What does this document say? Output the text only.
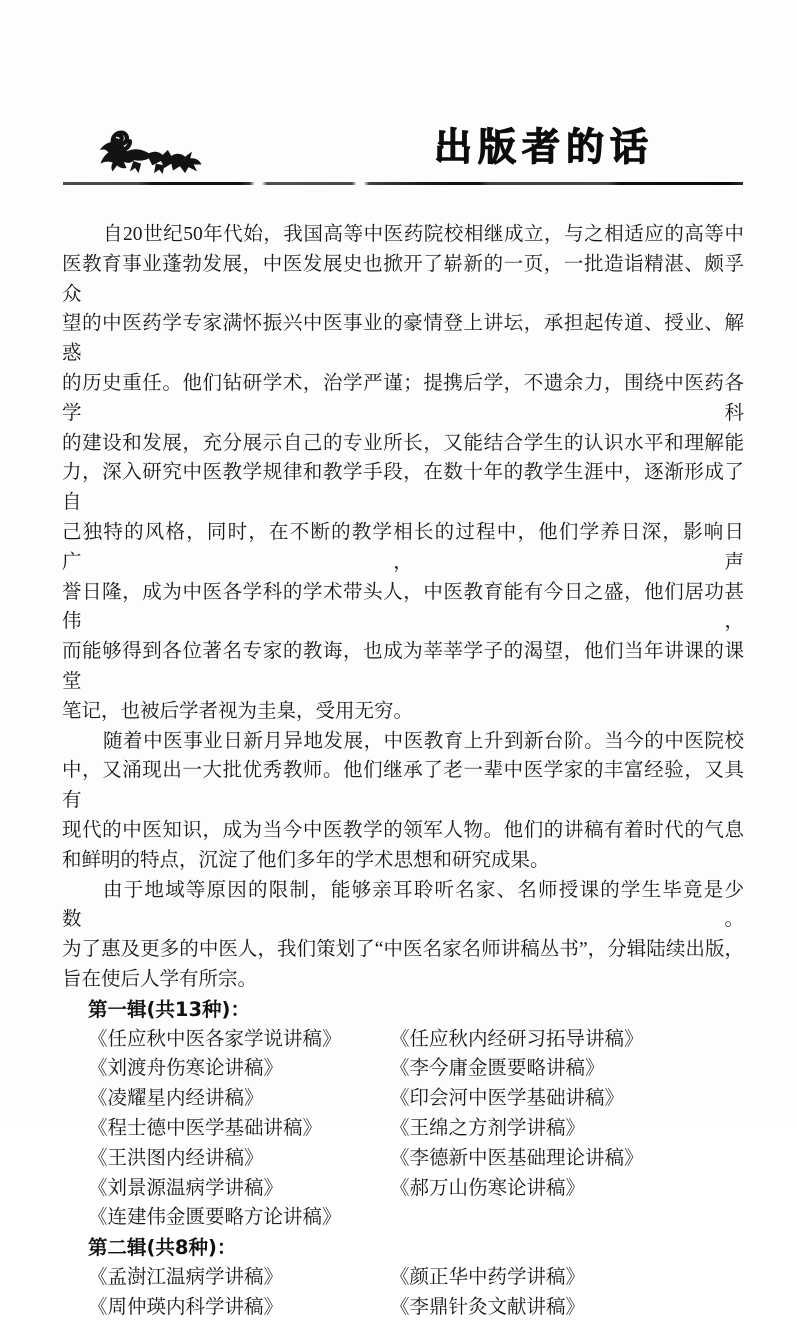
出版者的话

自20世纪50年代始，我国高等中医药院校相继成立，与之相适应的高等中

医教育事业蓬勃发展，中医发展史也掀开了崭新的一页，一批造诣精湛、颇孚众

望的中医药学专家满怀振兴中医事业的豪情登上讲坛，承担起传道、授业、解惑

的历史重任。他们钻研学术，治学严谨；提携后学，不遗余力，围绕中医药各学科

的建设和发展，充分展示自己的专业所长，又能结合学生的认识水平和理解能

力，深入研究中医教学规律和教学手段，在数十年的教学生涯中，逐渐形成了自

己独特的风格，同时，在不断的教学相长的过程中，他们学养日深，影响日广，声

誉日隆，成为中医各学科的学术带头人，中医教育能有今日之盛，他们居功甚伟，

而能够得到各位著名专家的教诲，也成为莘莘学子的渴望，他们当年讲课的课堂

笔记，也被后学者视为圭臬，受用无穷。

随着中医事业日新月异地发展，中医教育上升到新台阶。当今的中医院校

中，又涌现出一大批优秀教师。他们继承了老一辈中医学家的丰富经验，又具有

现代的中医知识，成为当今中医教学的领军人物。他们的讲稿有着时代的气息

和鲜明的特点，沉淀了他们多年的学术思想和研究成果。

由于地域等原因的限制，能够亲耳聆听名家、名师授课的学生毕竟是少数。

为了惠及更多的中医人，我们策划了“中医名家名师讲稿丛书”，分辑陆续出版，

旨在使后人学有所宗。

第一辑(共13种)：
《任应秋中医各家学说讲稿》 《任应秋内经研习拓导讲稿》
《刘渡舟伤寒论讲稿》	《李今庸金匮要略讲稿》
《凌耀星内经讲稿》	《印会河中医学基础讲稿》
《程士德中医学基础讲稿》	《王绵之方剂学讲稿》
《王洪图内经讲稿》	《李德新中医基础理论讲稿》
《刘景源温病学讲稿》	《郝万山伤寒论讲稿》
《连建伟金匮要略方论讲稿》
第二辑(共8种)：
《孟澍江温病学讲稿》	《颜正华中药学讲稿》
《周仲瑛内科学讲稿》	《李鼎针灸文献讲稿》
